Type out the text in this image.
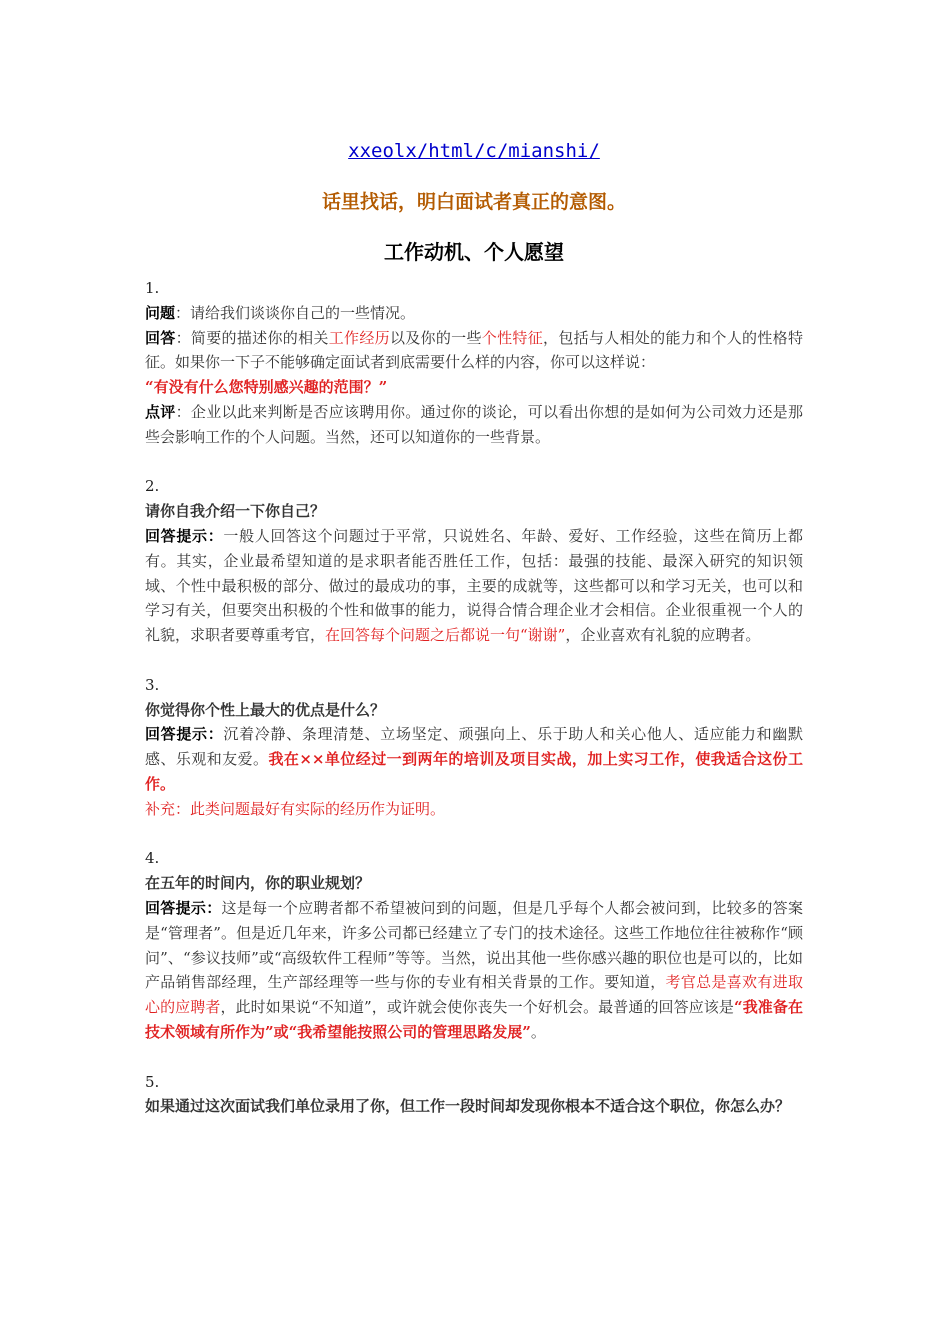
xxeolx/html/c/mianshi/
话里找话，明白面试者真正的意图。
工作动机、个人愿望
1.

问题：请给我们谈谈你自己的一些情况。

回答：简要的描述你的相关工作经历以及你的一些个性特征，包括与人相处的能力和个人的性格特征。如果你一下子不能够确定面试者到底需要什么样的内容，你可以这样说：
“有没有什么您特别感兴趣的范围？”

点评：企业以此来判断是否应该聘用你。通过你的谈论，可以看出你想的是如何为公司效力还是那些会影响工作的个人问题。当然，还可以知道你的一些背景。

2.

请你自我介绍一下你自己？

回答提示：一般人回答这个问题过于平常，只说姓名、年龄、爱好、工作经验，这些在简历上都有。其实，企业最希望知道的是求职者能否胜任工作，包括：最强的技能、最深入研究的知识领域、个性中最积极的部分、做过的最成功的事，主要的成就等，这些都可以和学习无关，也可以和学习有关，但要突出积极的个性和做事的能力，说得合情合理企业才会相信。企业很重视一个人的礼貌，求职者要尊重考官，在回答每个问题之后都说一句“谢谢”，企业喜欢有礼貌的应聘者。

3.

你觉得你个性上最大的优点是什么？

回答提示：沉着冷静、条理清楚、立场坚定、顽强向上、乐于助人和关心他人、适应能力和幽默感、乐观和友爱。我在××单位经过一到两年的培训及项目实战，加上实习工作，使我适合这份工作。

补充：此类问题最好有实际的经历作为证明。

4.

在五年的时间内，你的职业规划？

回答提示：这是每一个应聘者都不希望被问到的问题，但是几乎每个人都会被问到，比较多的答案是“管理者”。但是近几年来，许多公司都已经建立了专门的技术途径。这些工作地位往往被称作“顾问”、“参议技师”或“高级软件工程师”等等。当然，说出其他一些你感兴趣的职位也是可以的，比如产品销售部经理，生产部经理等一些与你的专业有相关背景的工作。要知道，考官总是喜欢有进取心的应聘者，此时如果说“不知道”，或许就会使你丧失一个好机会。最普通的回答应该是“我准备在技术领域有所作为”或“我希望能按照公司的管理思路发展”。

5.

如果通过这次面试我们单位录用了你，但工作一段时间却发现你根本不适合这个职位，你怎么办？
